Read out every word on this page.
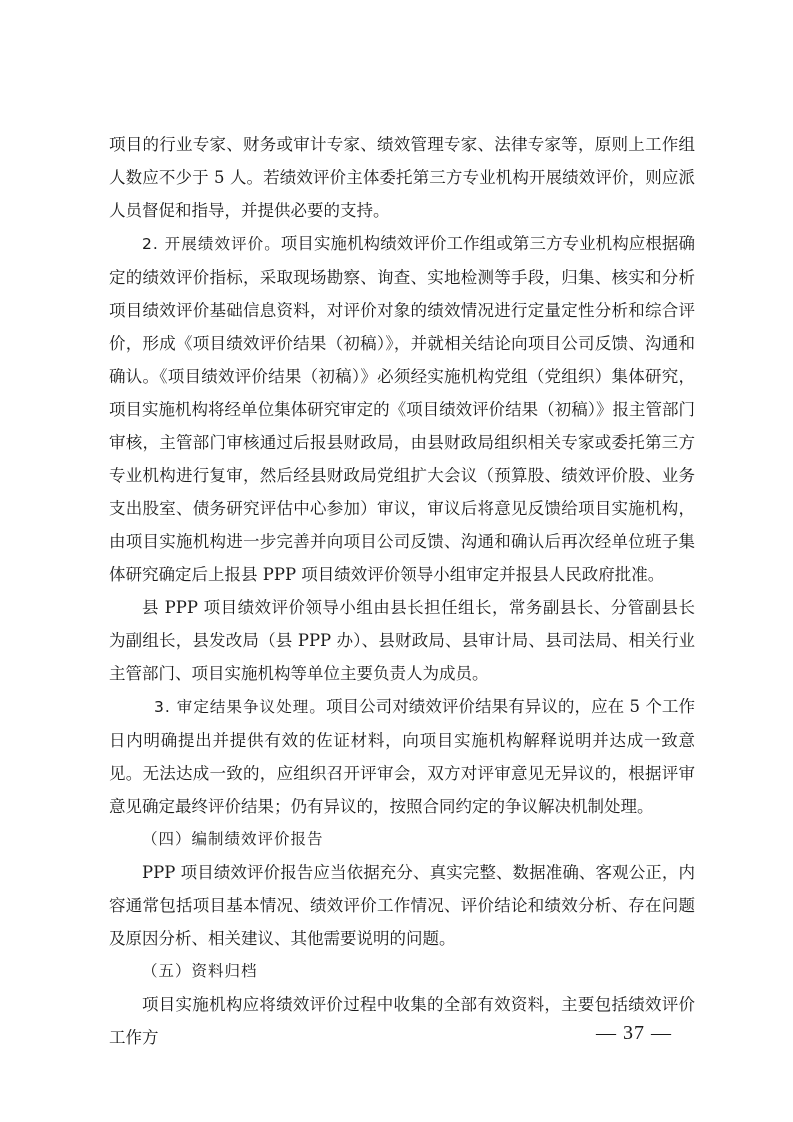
项目的行业专家、财务或审计专家、绩效管理专家、法律专家等，原则上工作组人数应不少于 5 人。若绩效评价主体委托第三方专业机构开展绩效评价，则应派人员督促和指导，并提供必要的支持。

2. 开展绩效评价。项目实施机构绩效评价工作组或第三方专业机构应根据确定的绩效评价指标，采取现场勘察、询查、实地检测等手段，归集、核实和分析项目绩效评价基础信息资料，对评价对象的绩效情况进行定量定性分析和综合评价，形成《项目绩效评价结果（初稿）》，并就相关结论向项目公司反馈、沟通和确认。《项目绩效评价结果（初稿）》必须经实施机构党组（党组织）集体研究，项目实施机构将经单位集体研究审定的《项目绩效评价结果（初稿）》报主管部门审核，主管部门审核通过后报县财政局，由县财政局组织相关专家或委托第三方专业机构进行复审，然后经县财政局党组扩大会议（预算股、绩效评价股、业务支出股室、债务研究评估中心参加）审议，审议后将意见反馈给项目实施机构，由项目实施机构进一步完善并向项目公司反馈、沟通和确认后再次经单位班子集体研究确定后上报县 PPP 项目绩效评价领导小组审定并报县人民政府批准。

县 PPP 项目绩效评价领导小组由县长担任组长，常务副县长、分管副县长为副组长，县发改局（县 PPP 办）、县财政局、县审计局、县司法局、相关行业主管部门、项目实施机构等单位主要负责人为成员。

3. 审定结果争议处理。项目公司对绩效评价结果有异议的，应在 5 个工作日内明确提出并提供有效的佐证材料，向项目实施机构解释说明并达成一致意见。无法达成一致的，应组织召开评审会，双方对评审意见无异议的，根据评审意见确定最终评价结果；仍有异议的，按照合同约定的争议解决机制处理。

（四）编制绩效评价报告

PPP 项目绩效评价报告应当依据充分、真实完整、数据准确、客观公正，内容通常包括项目基本情况、绩效评价工作情况、评价结论和绩效分析、存在问题及原因分析、相关建议、其他需要说明的问题。

（五）资料归档

项目实施机构应将绩效评价过程中收集的全部有效资料，主要包括绩效评价工作方	— 37 —
